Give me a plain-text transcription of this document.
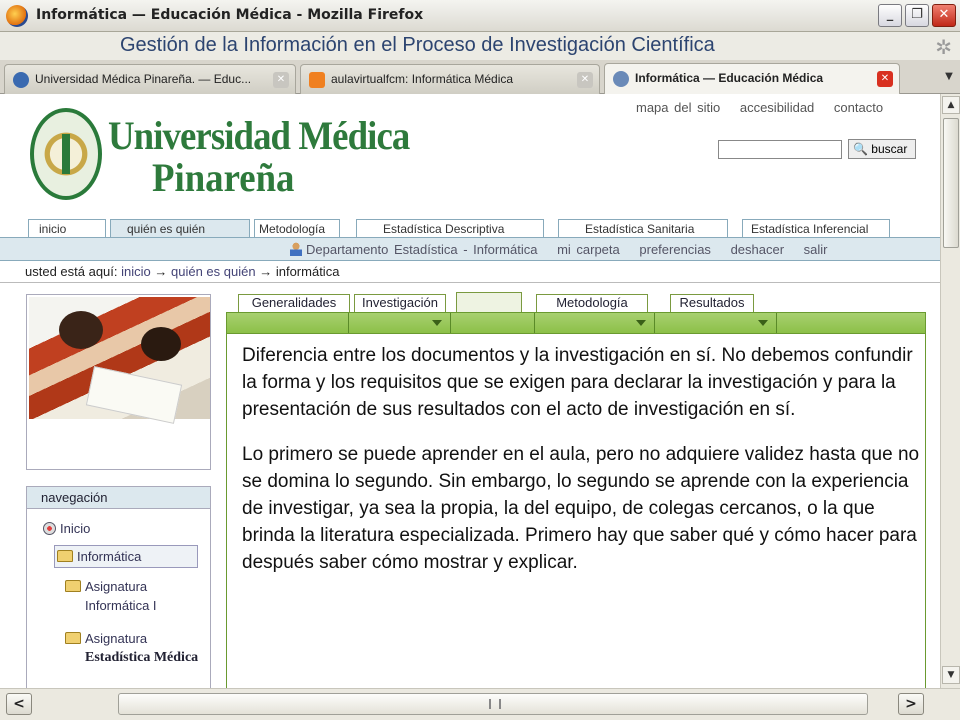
Informática — Educación Médica - Mozilla Firefox	_	❐	✕
Gestión de la Información en el Proceso de Investigación Científica	✲
Universidad Médica Pinareña. — Educ...	✕	aulavirtualfcm: Informática Médica	✕	Informática — Educación Médica	✕	▼
mapa del sitio accesibilidad contacto
Universidad Médica
Pinareña
🔍 buscar
inicio	quién es quién	Metodología	Estadística Descriptiva	Estadística Sanitaria	Estadística Inferencial
Departamento Estadística - Informática mi carpeta preferencias deshacer salir
usted está aquí: inicio → quién es quién → informática
navegación
Inicio
Informática
Asignatura
Informática I
Asignatura
Estadística Médica
Generalidades	Investigación	Metodología	Resultados

Diferencia entre los documentos y la investigación en sí. No debemos confundir la forma y los requisitos que se exigen para declarar la investigación y para la presentación de sus resultados con el acto de investigación en sí.

Lo primero se puede aprender en el aula, pero no adquiere validez hasta que no se domina lo segundo. Sin embargo, lo segundo se aprende con la experiencia de investigar, ya sea la propia, la del equipo, de colegas cercanos, o la que brinda la literatura especializada. Primero hay que saber qué y cómo hacer para después saber cómo mostrar y explicar.

▲
▼
<	>
